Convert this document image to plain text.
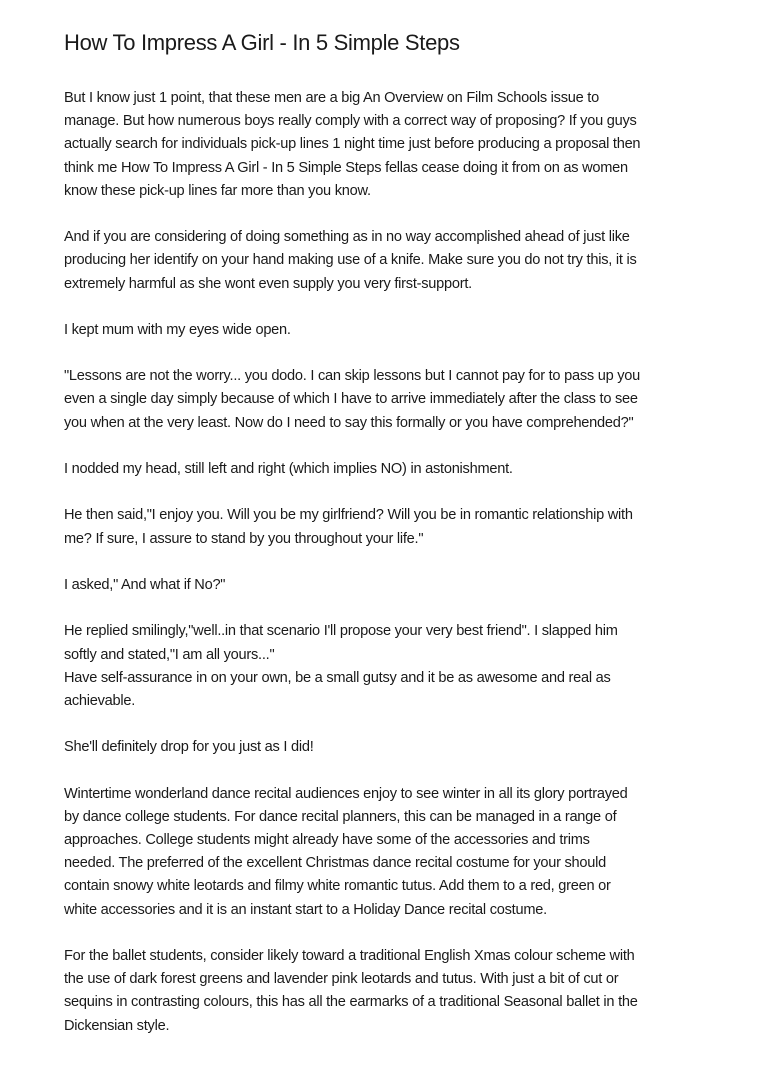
How To Impress A Girl - In 5 Simple Steps

But I know just 1 point, that these men are a big An Overview on Film Schools issue to
manage. But how numerous boys really comply with a correct way of proposing? If you guys
actually search for individuals pick-up lines 1 night time just before producing a proposal then
think me How To Impress A Girl - In 5 Simple Steps fellas cease doing it from on as women
know these pick-up lines far more than you know.

And if you are considering of doing something as in no way accomplished ahead of just like
producing her identify on your hand making use of a knife. Make sure you do not try this, it is
extremely harmful as she wont even supply you very first-support.

I kept mum with my eyes wide open.

"Lessons are not the worry... you dodo. I can skip lessons but I cannot pay for to pass up you
even a single day simply because of which I have to arrive immediately after the class to see
you when at the very least. Now do I need to say this formally or you have comprehended?"

I nodded my head, still left and right (which implies NO) in astonishment.

He then said,"I enjoy you. Will you be my girlfriend? Will you be in romantic relationship with
me? If sure, I assure to stand by you throughout your life."

I asked," And what if No?"

He replied smilingly,"well..in that scenario I'll propose your very best friend". I slapped him
softly and stated,"I am all yours..."
Have self-assurance in on your own, be a small gutsy and it be as awesome and real as
achievable.

She'll definitely drop for you just as I did!

Wintertime wonderland dance recital audiences enjoy to see winter in all its glory portrayed
by dance college students. For dance recital planners, this can be managed in a range of
approaches. College students might already have some of the accessories and trims
needed. The preferred of the excellent Christmas dance recital costume for your should
contain snowy white leotards and filmy white romantic tutus. Add them to a red, green or
white accessories and it is an instant start to a Holiday Dance recital costume.

For the ballet students, consider likely toward a traditional English Xmas colour scheme with
the use of dark forest greens and lavender pink leotards and tutus. With just a bit of cut or
sequins in contrasting colours, this has all the earmarks of a traditional Seasonal ballet in the
Dickensian style.
